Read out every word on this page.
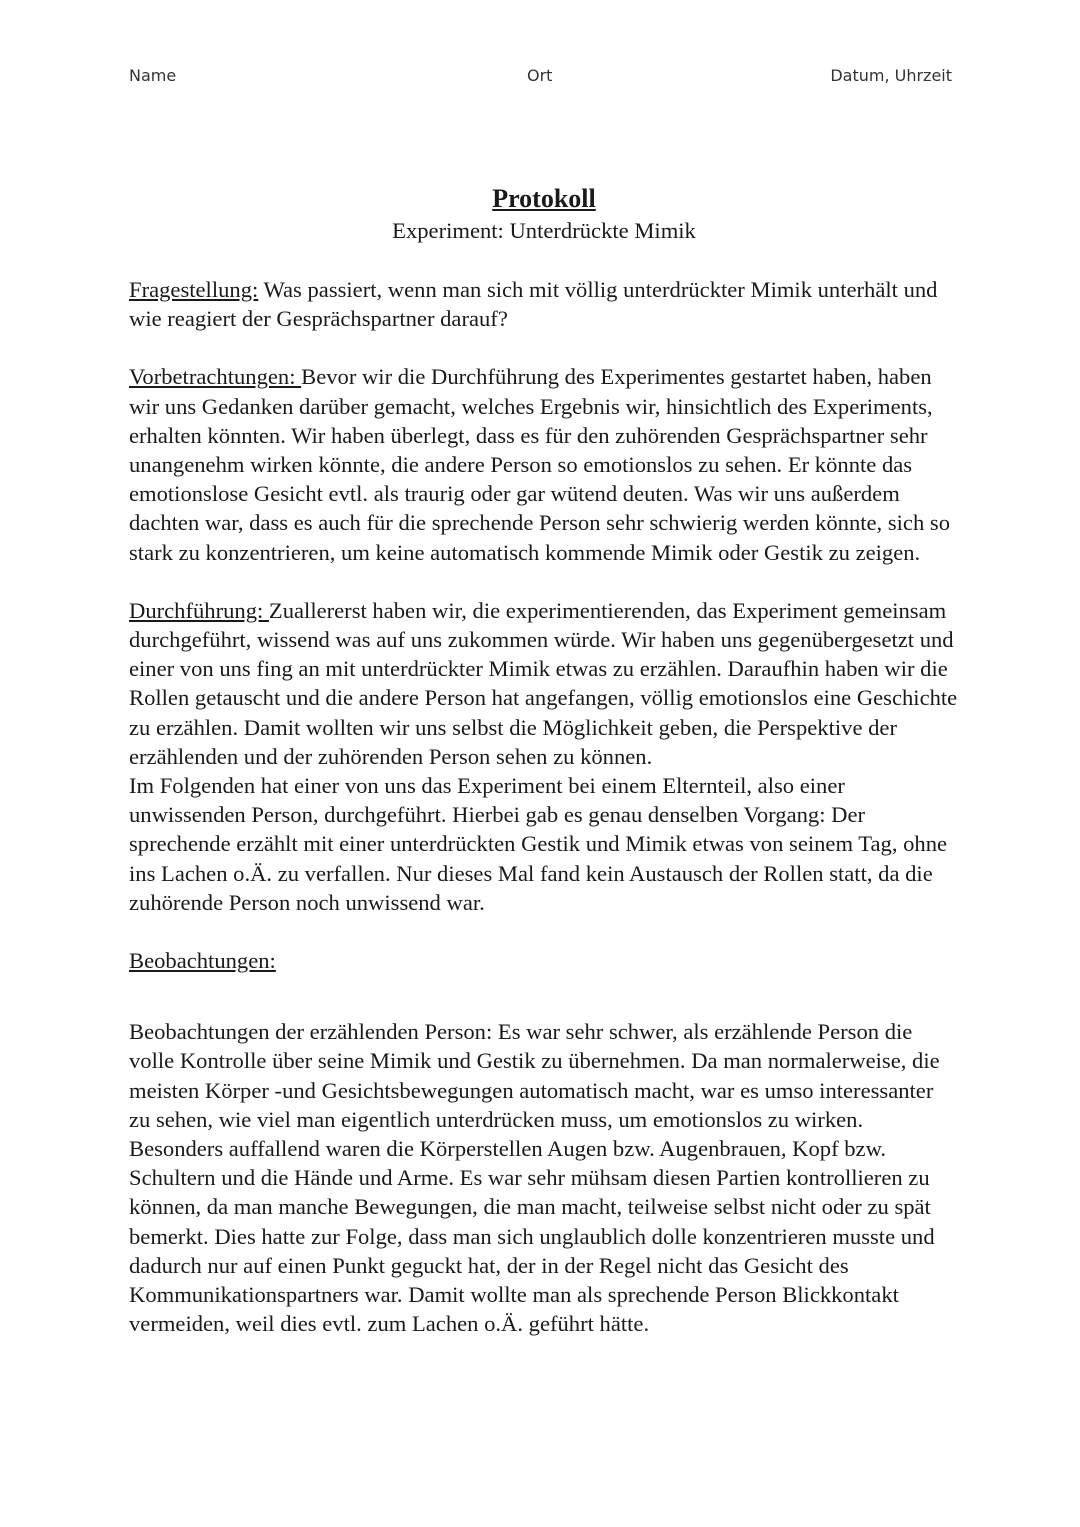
Name	Ort	Datum, Uhrzeit

Protokoll

Experiment: Unterdrückte Mimik

Fragestellung: Was passiert, wenn man sich mit völlig unterdrückter Mimik unterhält und wie reagiert der Gesprächspartner darauf?

Vorbetrachtungen: Bevor wir die Durchführung des Experimentes gestartet haben, haben wir uns Gedanken darüber gemacht, welches Ergebnis wir, hinsichtlich des Experiments, erhalten könnten. Wir haben überlegt, dass es für den zuhörenden Gesprächspartner sehr unangenehm wirken könnte, die andere Person so emotionslos zu sehen. Er könnte das emotionslose Gesicht evtl. als traurig oder gar wütend deuten. Was wir uns außerdem dachten war, dass es auch für die sprechende Person sehr schwierig werden könnte, sich so stark zu konzentrieren, um keine automatisch kommende Mimik oder Gestik zu zeigen.

Durchführung: Zuallererst haben wir, die experimentierenden, das Experiment gemeinsam durchgeführt, wissend was auf uns zukommen würde. Wir haben uns gegenübergesetzt und einer von uns fing an mit unterdrückter Mimik etwas zu erzählen. Daraufhin haben wir die Rollen getauscht und die andere Person hat angefangen, völlig emotionslos eine Geschichte zu erzählen. Damit wollten wir uns selbst die Möglichkeit geben, die Perspektive der erzählenden und der zuhörenden Person sehen zu können.

Im Folgenden hat einer von uns das Experiment bei einem Elternteil, also einer unwissenden Person, durchgeführt. Hierbei gab es genau denselben Vorgang: Der sprechende erzählt mit einer unterdrückten Gestik und Mimik etwas von seinem Tag, ohne ins Lachen o.Ä. zu verfallen. Nur dieses Mal fand kein Austausch der Rollen statt, da die zuhörende Person noch unwissend war.

Beobachtungen:

Beobachtungen der erzählenden Person: Es war sehr schwer, als erzählende Person die volle Kontrolle über seine Mimik und Gestik zu übernehmen. Da man normalerweise, die meisten Körper -und Gesichtsbewegungen automatisch macht, war es umso interessanter zu sehen, wie viel man eigentlich unterdrücken muss, um emotionslos zu wirken. Besonders auffallend waren die Körperstellen Augen bzw. Augenbrauen, Kopf bzw. Schultern und die Hände und Arme. Es war sehr mühsam diesen Partien kontrollieren zu können, da man manche Bewegungen, die man macht, teilweise selbst nicht oder zu spät bemerkt. Dies hatte zur Folge, dass man sich unglaublich dolle konzentrieren musste und dadurch nur auf einen Punkt geguckt hat, der in der Regel nicht das Gesicht des Kommunikationspartners war. Damit wollte man als sprechende Person Blickkontakt vermeiden, weil dies evtl. zum Lachen o.Ä. geführt hätte.
